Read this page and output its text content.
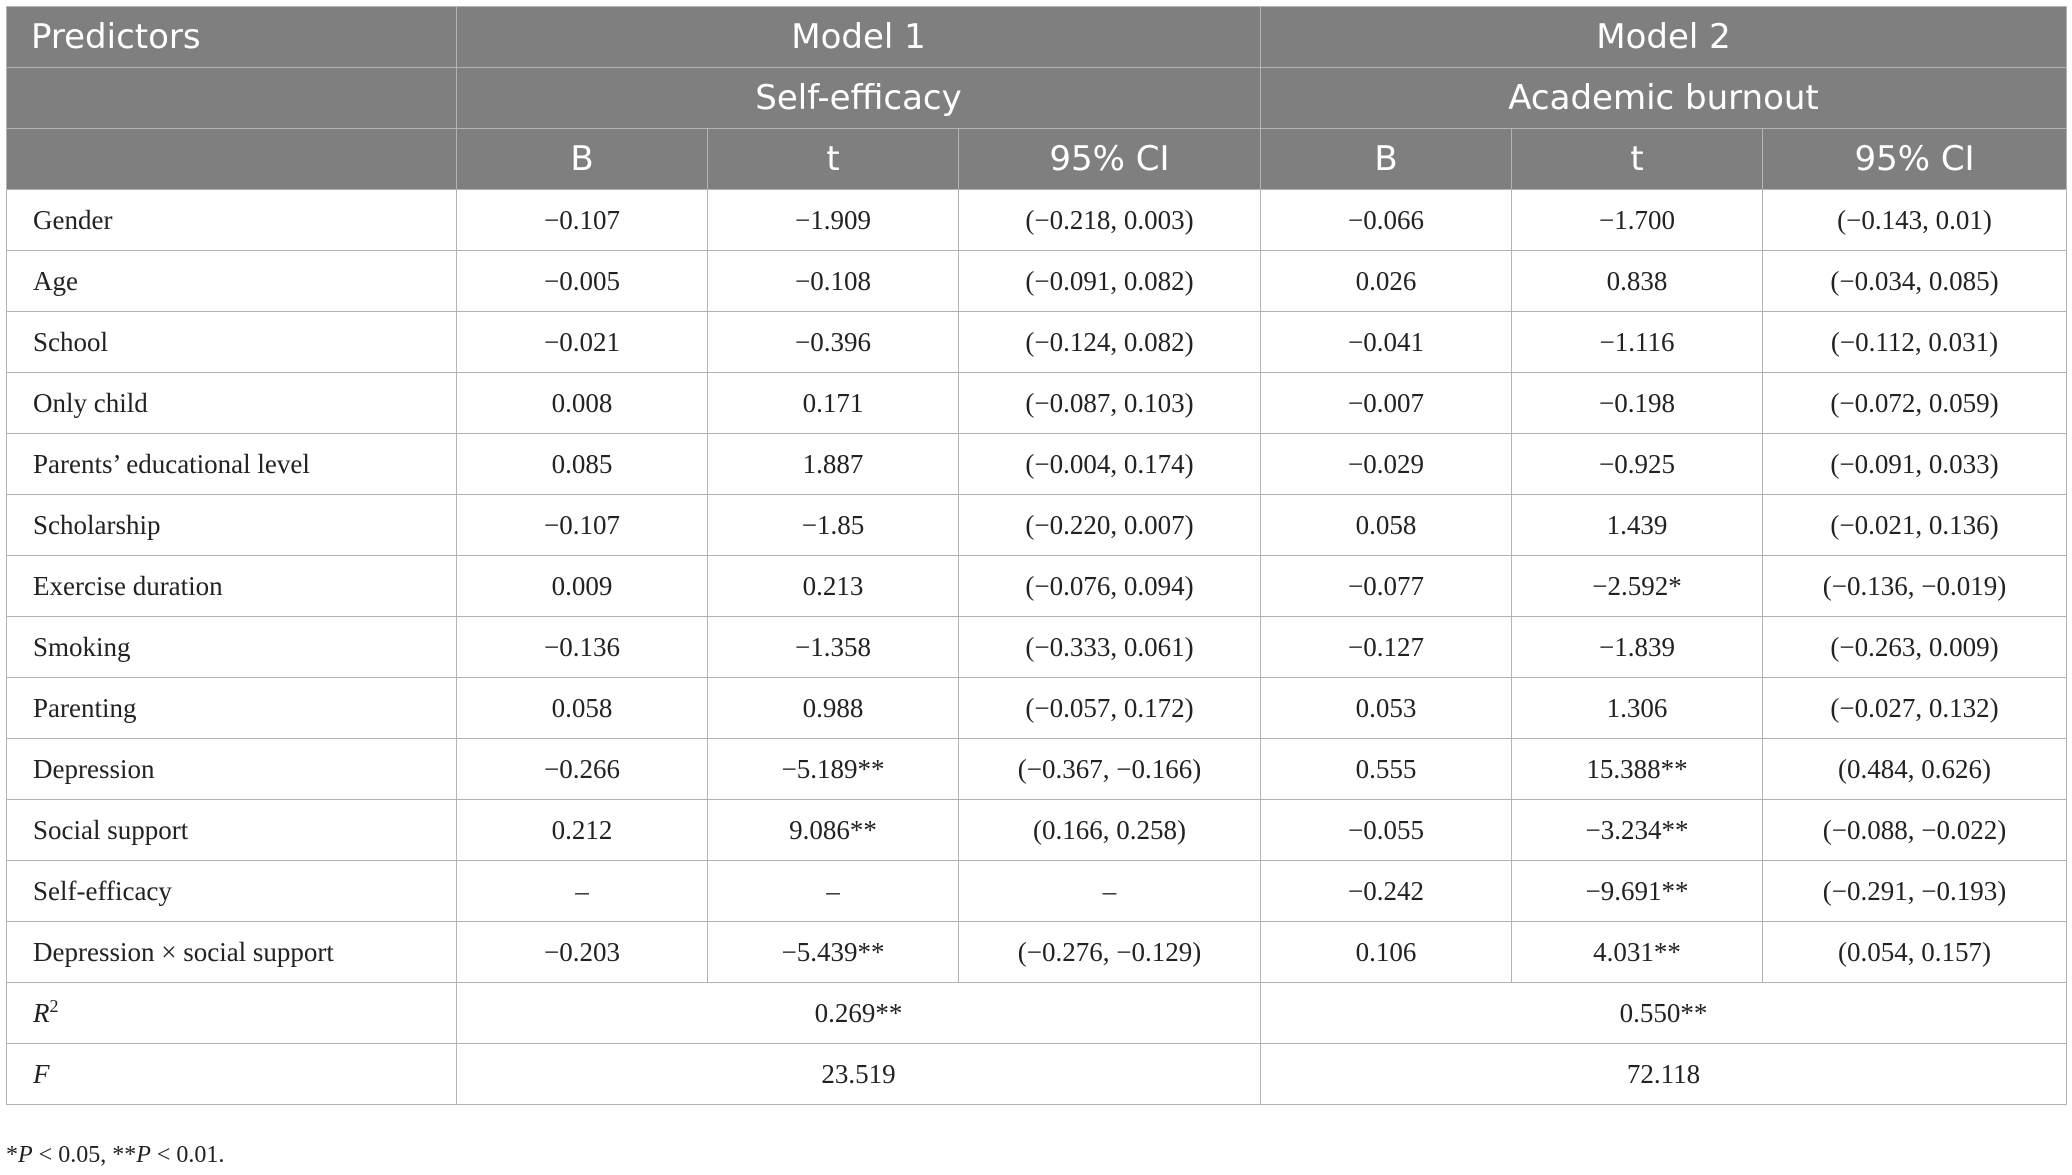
Predictors	Model 1			Model 2		
	Self-efficacy			Academic burnout		
	B	t	95% CI	B	t	95% CI
Gender	−0.107	−1.909	(−0.218, 0.003)	−0.066	−1.700	(−0.143, 0.01)
Age	−0.005	−0.108	(−0.091, 0.082)	0.026	0.838	(−0.034, 0.085)
School	−0.021	−0.396	(−0.124, 0.082)	−0.041	−1.116	(−0.112, 0.031)
Only child	0.008	0.171	(−0.087, 0.103)	−0.007	−0.198	(−0.072, 0.059)
Parents’ educational level	0.085	1.887	(−0.004, 0.174)	−0.029	−0.925	(−0.091, 0.033)
Scholarship	−0.107	−1.85	(−0.220, 0.007)	0.058	1.439	(−0.021, 0.136)
Exercise duration	0.009	0.213	(−0.076, 0.094)	−0.077	−2.592*	(−0.136, −0.019)
Smoking	−0.136	−1.358	(−0.333, 0.061)	−0.127	−1.839	(−0.263, 0.009)
Parenting	0.058	0.988	(−0.057, 0.172)	0.053	1.306	(−0.027, 0.132)
Depression	−0.266	−5.189**	(−0.367, −0.166)	0.555	15.388**	(0.484, 0.626)
Social support	0.212	9.086**	(0.166, 0.258)	−0.055	−3.234**	(−0.088, −0.022)
Self-efficacy	–	–	–	−0.242	−9.691**	(−0.291, −0.193)
Depression × social support	−0.203	−5.439**	(−0.276, −0.129)	0.106	4.031**	(0.054, 0.157)
$R^2$	0.269**			0.550**		
F	23.519			72.118		
*P < 0.05, **P < 0.01.
